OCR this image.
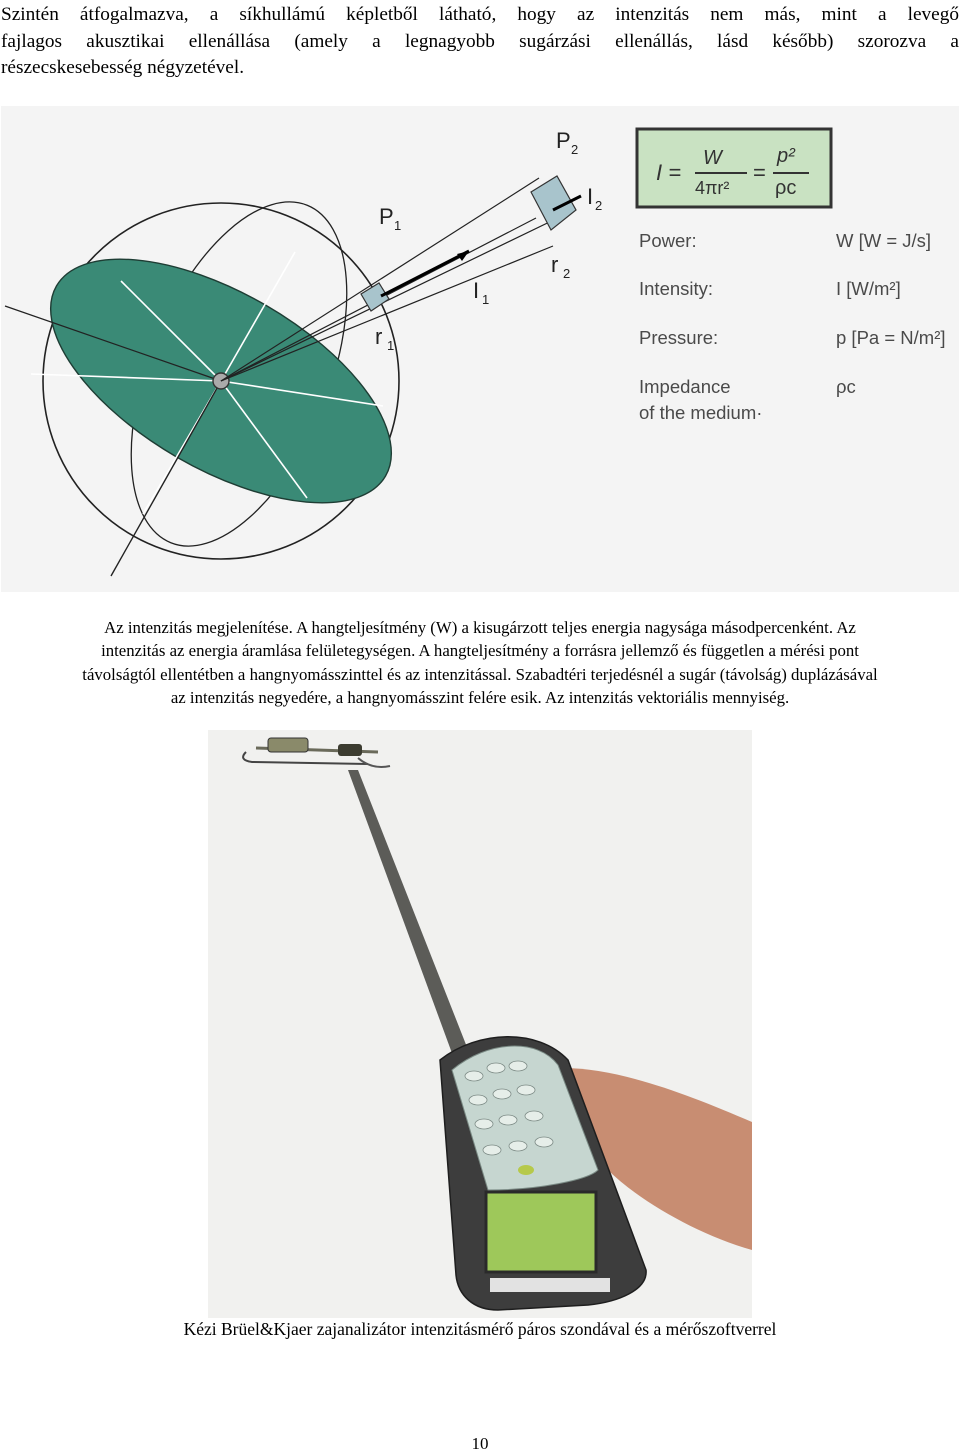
Szintén átfogalmazva, a síkhullámú képletből látható, hogy az intenzitás nem más, mint a levegő
fajlagos akusztikai ellenállása (amely a legnagyobb sugárzási ellenállás, lásd később) szorozva a
részecskesebesség négyzetével.
P 1
P 2
I 1
I 2
r 1
r 2
I =
W
4πr²
=
p²
ρc
Power:	W [W = J/s]
Intensity:	I [W/m²]
Pressure:	p [Pa = N/m²]
Impedance
of the medium·
ρc
Az intenzitás megjelenítése. A hangteljesítmény (W) a kisugárzott teljes energia nagysága másodpercenként. Az
intenzitás az energia áramlása felületegységen. A hangteljesítmény a forrásra jellemző és független a mérési pont
távolságtól ellentétben a hangnyomásszinttel és az intenzitással. Szabadtéri terjedésnél a sugár (távolság) duplázásával
az intenzitás negyedére, a hangnyomásszint felére esik. Az intenzitás vektoriális mennyiség.

Kézi Brüel&Kjaer zajanalizátor intenzitásmérő páros szondával és a mérőszoftverrel

10
